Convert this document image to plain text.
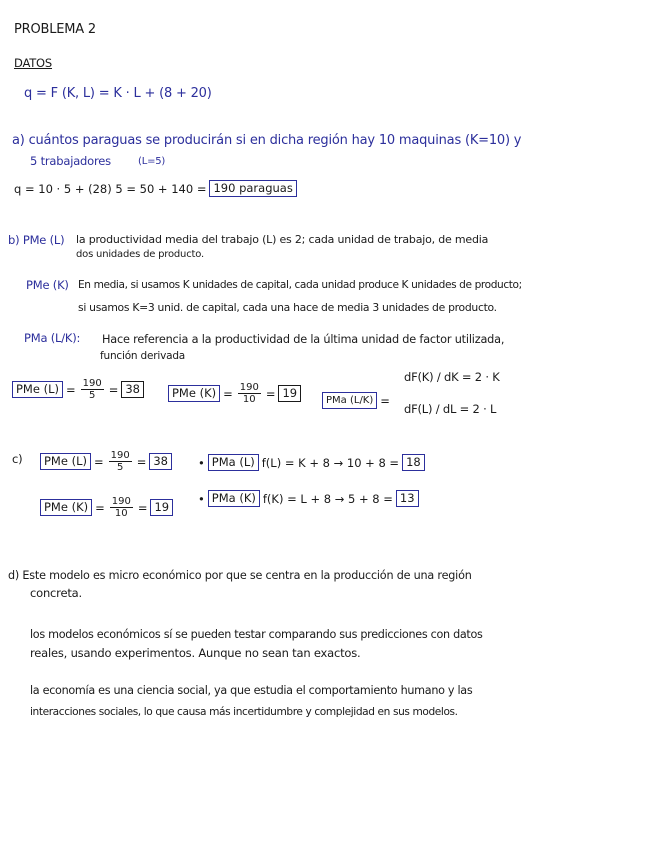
PROBLEMA 2
DATOS
q = F (K, L) = K · L + (8 + 20)
a) cuántos paraguas se producirán si en dicha región hay 10 maquinas (K=10) y
5 trabajadores	(L=5)
q = 10 · 5 + (28) 5 = 50 + 140 = 190 paraguas
b) PMe (L) la productividad media del trabajo (L) es 2; cada unidad de trabajo, de media
dos unidades de producto.
PMe (K) En media, si usamos K unidades de capital, cada unidad produce K unidades de producto;
si usamos K=3 unid. de capital, cada una hace de media 3 unidades de producto.
PMa (L/K): Hace referencia a la productividad de la última unidad de factor utilizada,
función derivada
PMe $(L) = \frac{190}{5} = 38$	PMe $(K) = \frac{190}{10} = 19$
PMa (L/K) =
dF(K) / dK = 2 · K
dF(L) / dL = 2 · L
c)	PMe $(L) = \frac{190}{5} = 38$	• PMa (L) f(L) = K + 8 → 10 + 8 = 18
PMe $(K) = \frac{190}{10} = 19$
• PMa (K) f(K) = L + 8 → 5 + 8 = 13
d) Este modelo es micro económico por que se centra en la producción de una región
concreta.
los modelos económicos sí se pueden testar comparando sus predicciones con datos
reales, usando experimentos. Aunque no sean tan exactos.
la economía es una ciencia social, ya que estudia el comportamiento humano y las
interacciones sociales, lo que causa más incertidumbre y complejidad en sus modelos.
